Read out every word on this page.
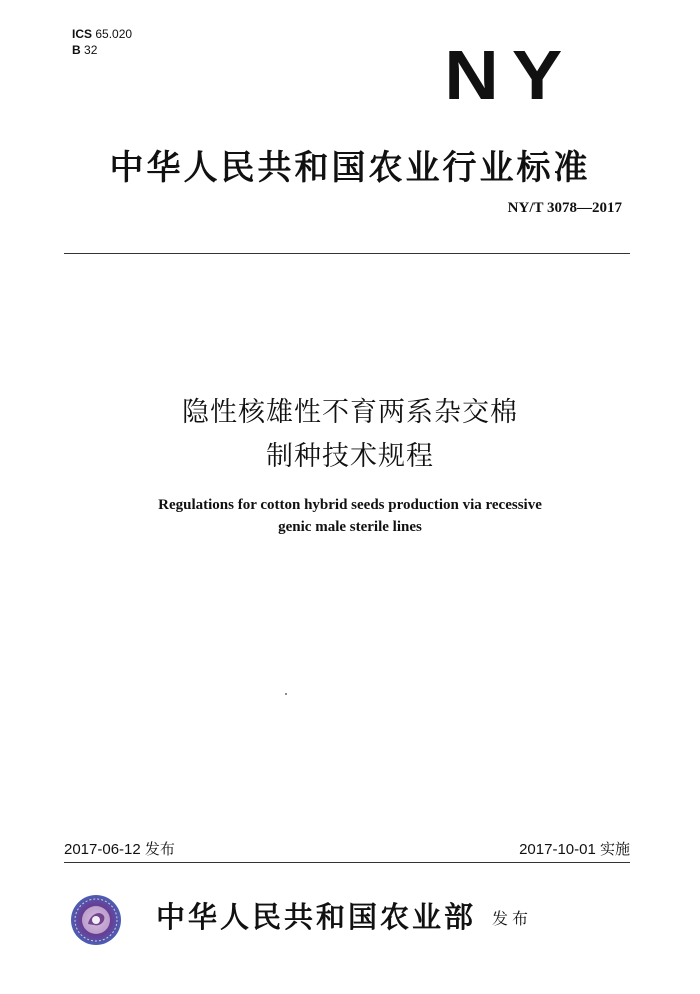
ICS 65.020
B 32	NY
中华人民共和国农业行业标准
NY/T 3078—2017
隐性核雄性不育两系杂交棉
制种技术规程
Regulations for cotton hybrid seeds production via recessive
genic male sterile lines
2017-06-12 发布	2017-10-01 实施
中华人民共和国农业部 发布
